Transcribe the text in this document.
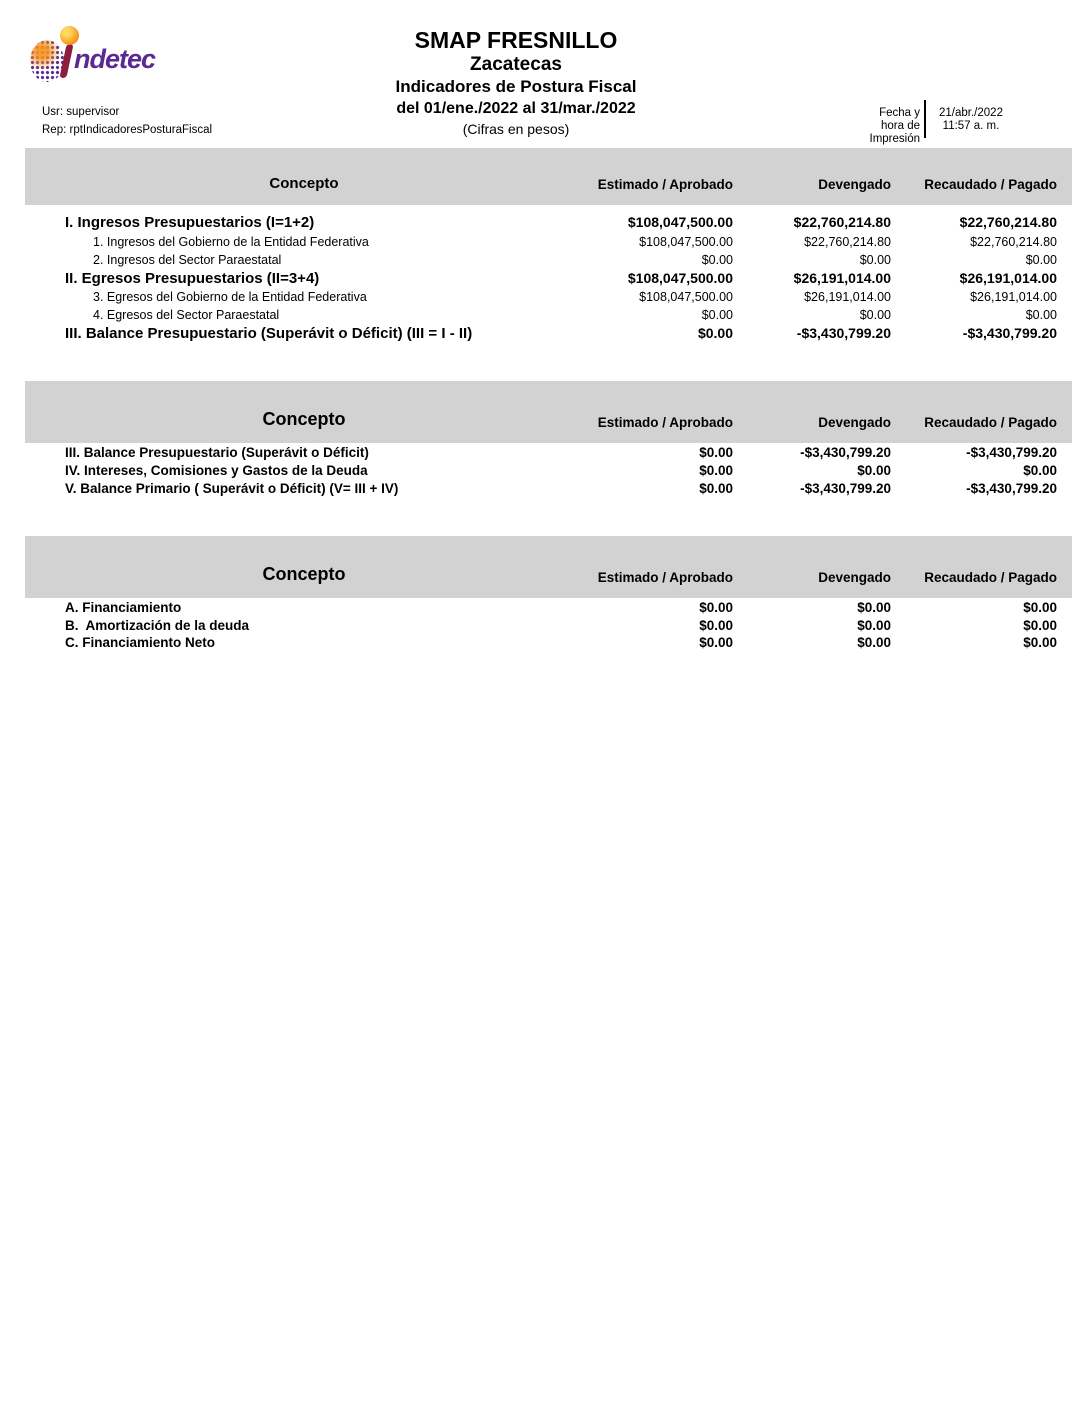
ndetec
SMAP FRESNILLO
Zacatecas
Indicadores de Postura Fiscal
del 01/ene./2022 al 31/mar./2022
(Cifras en pesos)
Usr: supervisor
Rep: rptIndicadoresPosturaFiscal
Fecha y
hora de Impresión
21/abr./2022
11:57 a. m.
Concepto	Estimado / Aprobado	Devengado	Recaudado / Pagado
I. Ingresos Presupuestarios (I=1+2)	$108,047,500.00	$22,760,214.80	$22,760,214.80
1. Ingresos del Gobierno de la Entidad Federativa	$108,047,500.00	$22,760,214.80	$22,760,214.80
2. Ingresos del Sector Paraestatal	$0.00	$0.00	$0.00
II. Egresos Presupuestarios (II=3+4)	$108,047,500.00	$26,191,014.00	$26,191,014.00
3. Egresos del Gobierno de la Entidad Federativa	$108,047,500.00	$26,191,014.00	$26,191,014.00
4. Egresos del Sector Paraestatal	$0.00	$0.00	$0.00
III. Balance Presupuestario (Superávit o Déficit) (III = I - II)	$0.00	-$3,430,799.20	-$3,430,799.20
Concepto	Estimado / Aprobado	Devengado	Recaudado / Pagado
III. Balance Presupuestario (Superávit o Déficit)	$0.00	-$3,430,799.20	-$3,430,799.20
IV. Intereses, Comisiones y Gastos de la Deuda	$0.00	$0.00	$0.00
V. Balance Primario ( Superávit o Déficit) (V= III + IV)	$0.00	-$3,430,799.20	-$3,430,799.20
Concepto	Estimado / Aprobado	Devengado	Recaudado / Pagado
A. Financiamiento	$0.00	$0.00	$0.00
B.  Amortización de la deuda	$0.00	$0.00	$0.00
C. Financiamiento Neto	$0.00	$0.00	$0.00
